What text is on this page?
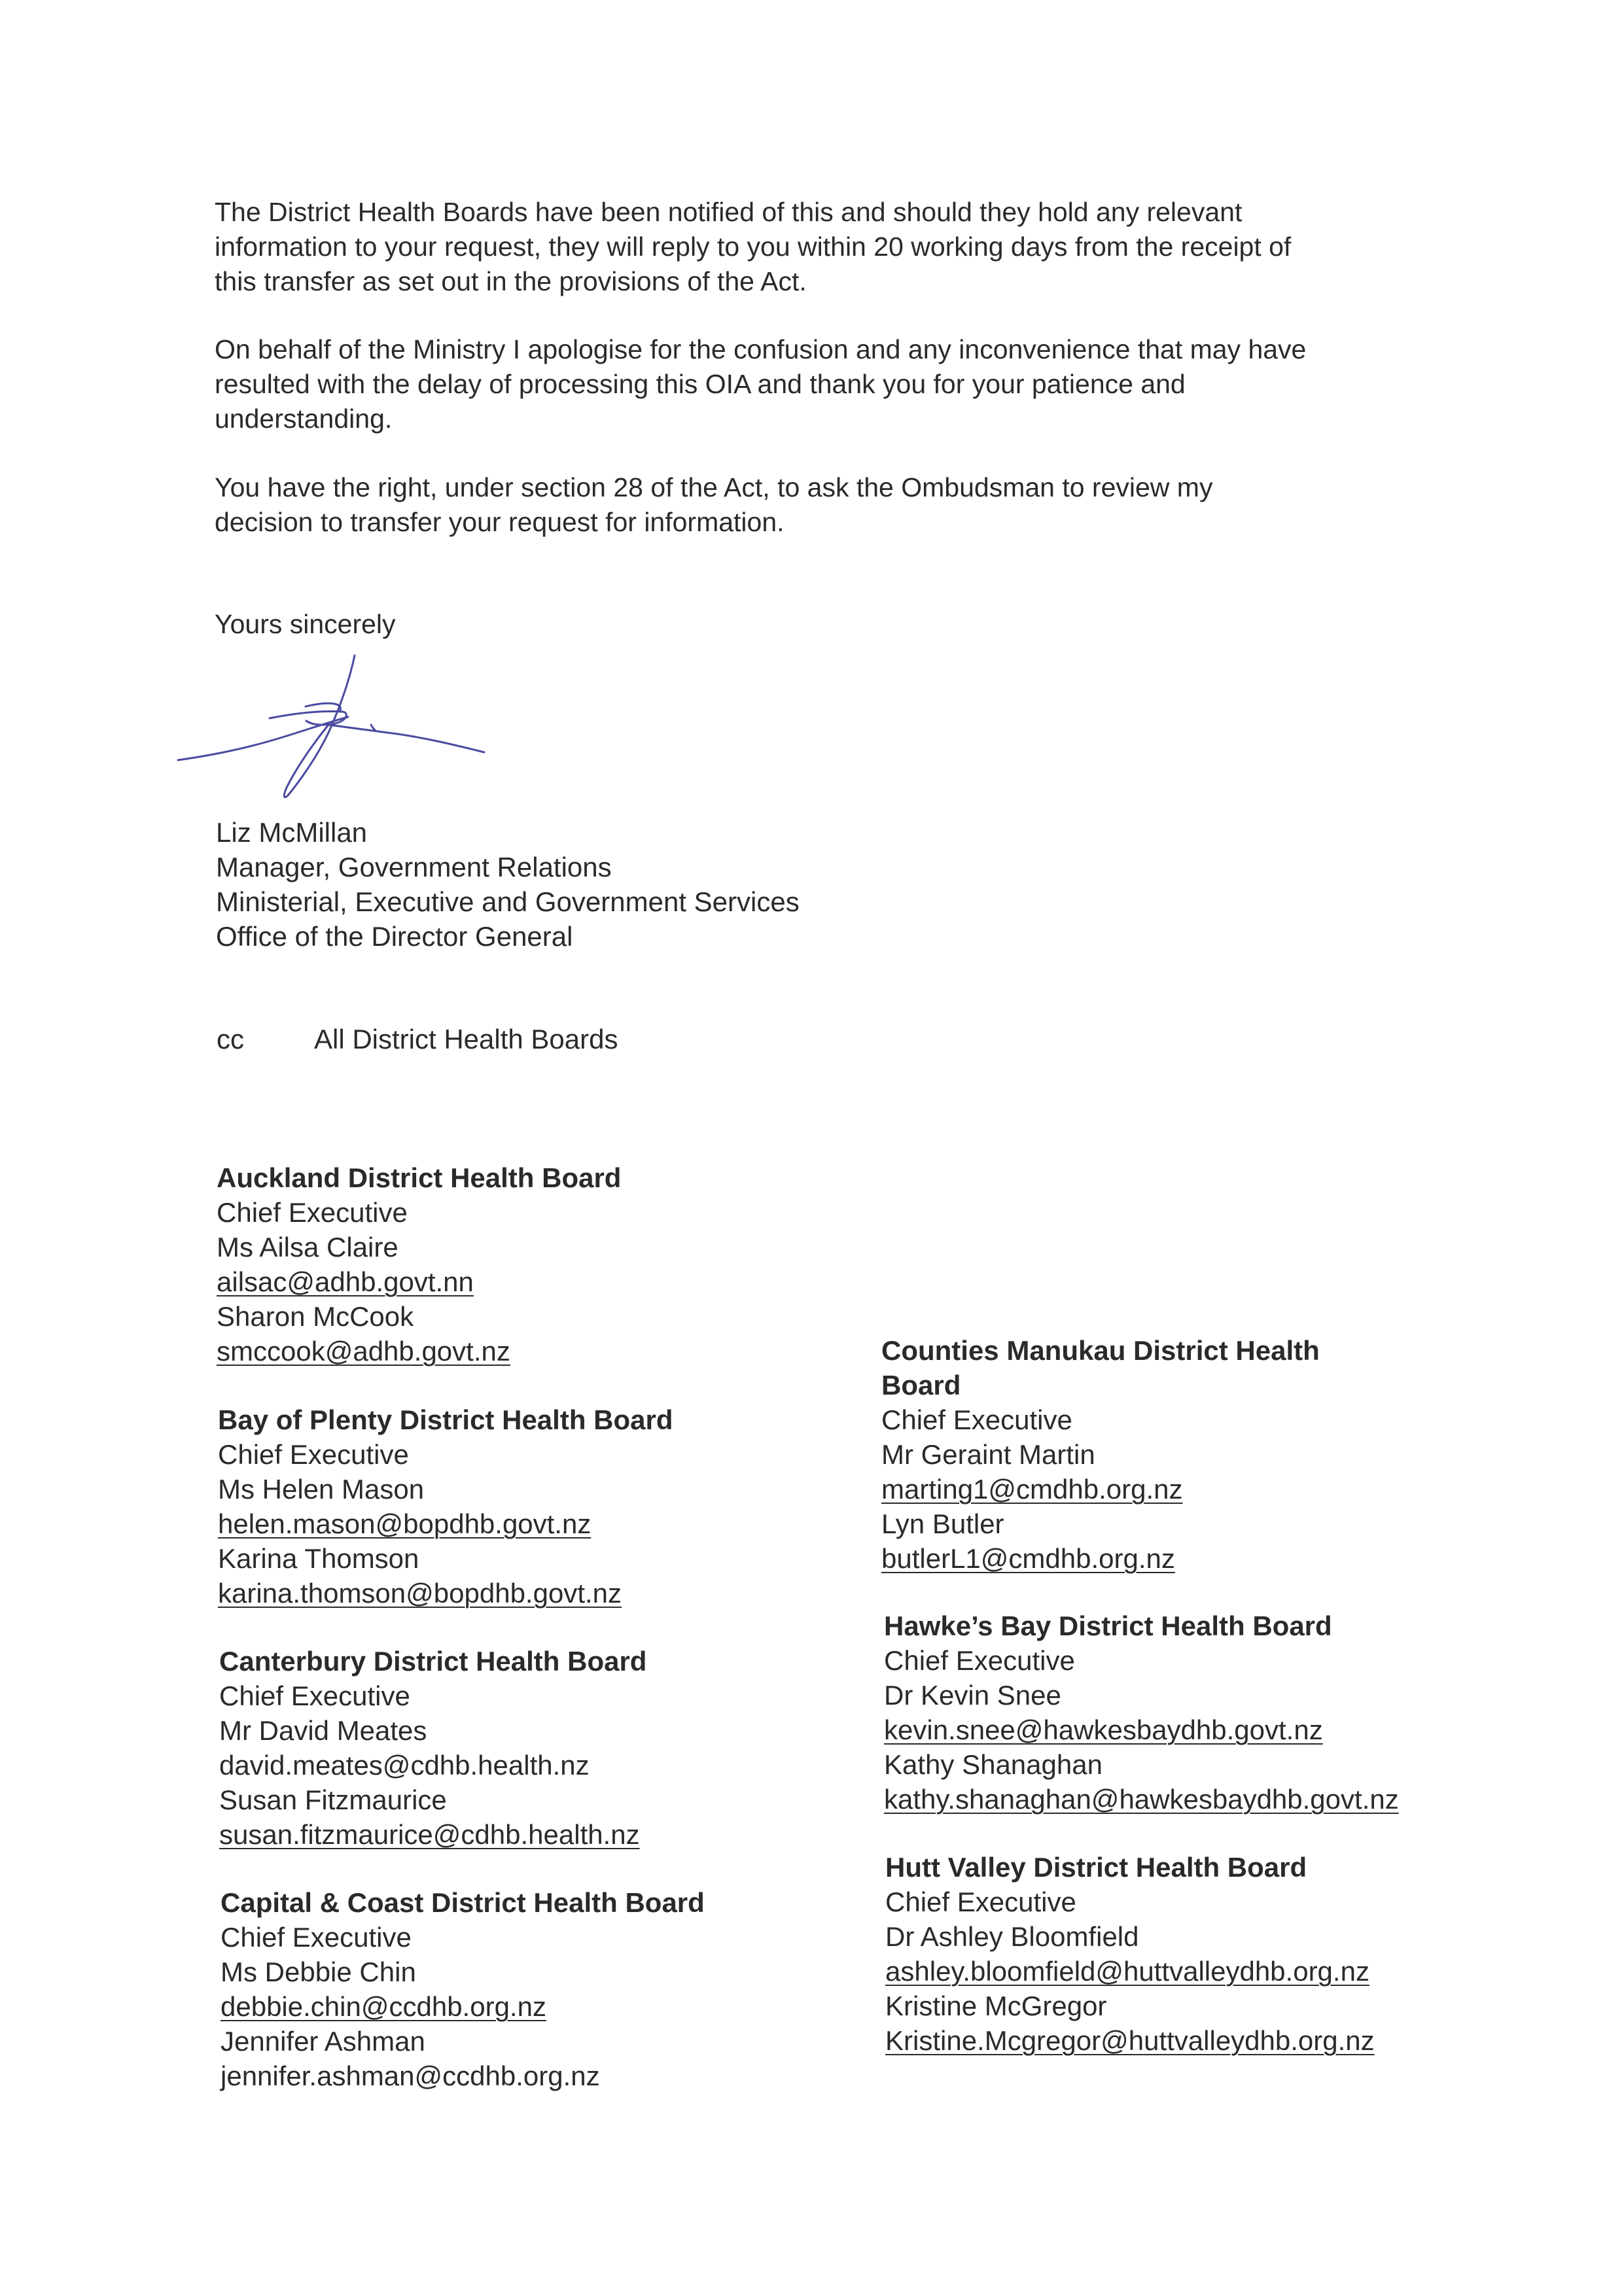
The District Health Boards have been notified of this and should they hold any relevant
information to your request, they will reply to you within 20 working days from the receipt of
this transfer as set out in the provisions of the Act.

On behalf of the Ministry I apologise for the confusion and any inconvenience that may have
resulted with the delay of processing this OIA and thank you for your patience and
understanding.

You have the right, under section 28 of the Act, to ask the Ombudsman to review my
decision to transfer your request for information.

Yours sincerely

Liz McMillan
Manager, Government Relations
Ministerial, Executive and Government Services
Office of the Director General
cc	All District Health Boards
Auckland District Health Board
Chief Executive
Ms Ailsa Claire
ailsac@adhb.govt.nn
Sharon McCook
smccook@adhb.govt.nz
Bay of Plenty District Health Board
Chief Executive
Ms Helen Mason
helen.mason@bopdhb.govt.nz
Karina Thomson
karina.thomson@bopdhb.govt.nz
Canterbury District Health Board
Chief Executive
Mr David Meates
david.meates@cdhb.health.nz
Susan Fitzmaurice
susan.fitzmaurice@cdhb.health.nz
Capital & Coast District Health Board
Chief Executive
Ms Debbie Chin
debbie.chin@ccdhb.org.nz
Jennifer Ashman
jennifer.ashman@ccdhb.org.nz
Counties Manukau District Health
Board
Chief Executive
Mr Geraint Martin
marting1@cmdhb.org.nz
Lyn Butler
butlerL1@cmdhb.org.nz
Hawke’s Bay District Health Board
Chief Executive
Dr Kevin Snee
kevin.snee@hawkesbaydhb.govt.nz
Kathy Shanaghan
kathy.shanaghan@hawkesbaydhb.govt.nz
Hutt Valley District Health Board
Chief Executive
Dr Ashley Bloomfield
ashley.bloomfield@huttvalleydhb.org.nz
Kristine McGregor
Kristine.Mcgregor@huttvalleydhb.org.nz
